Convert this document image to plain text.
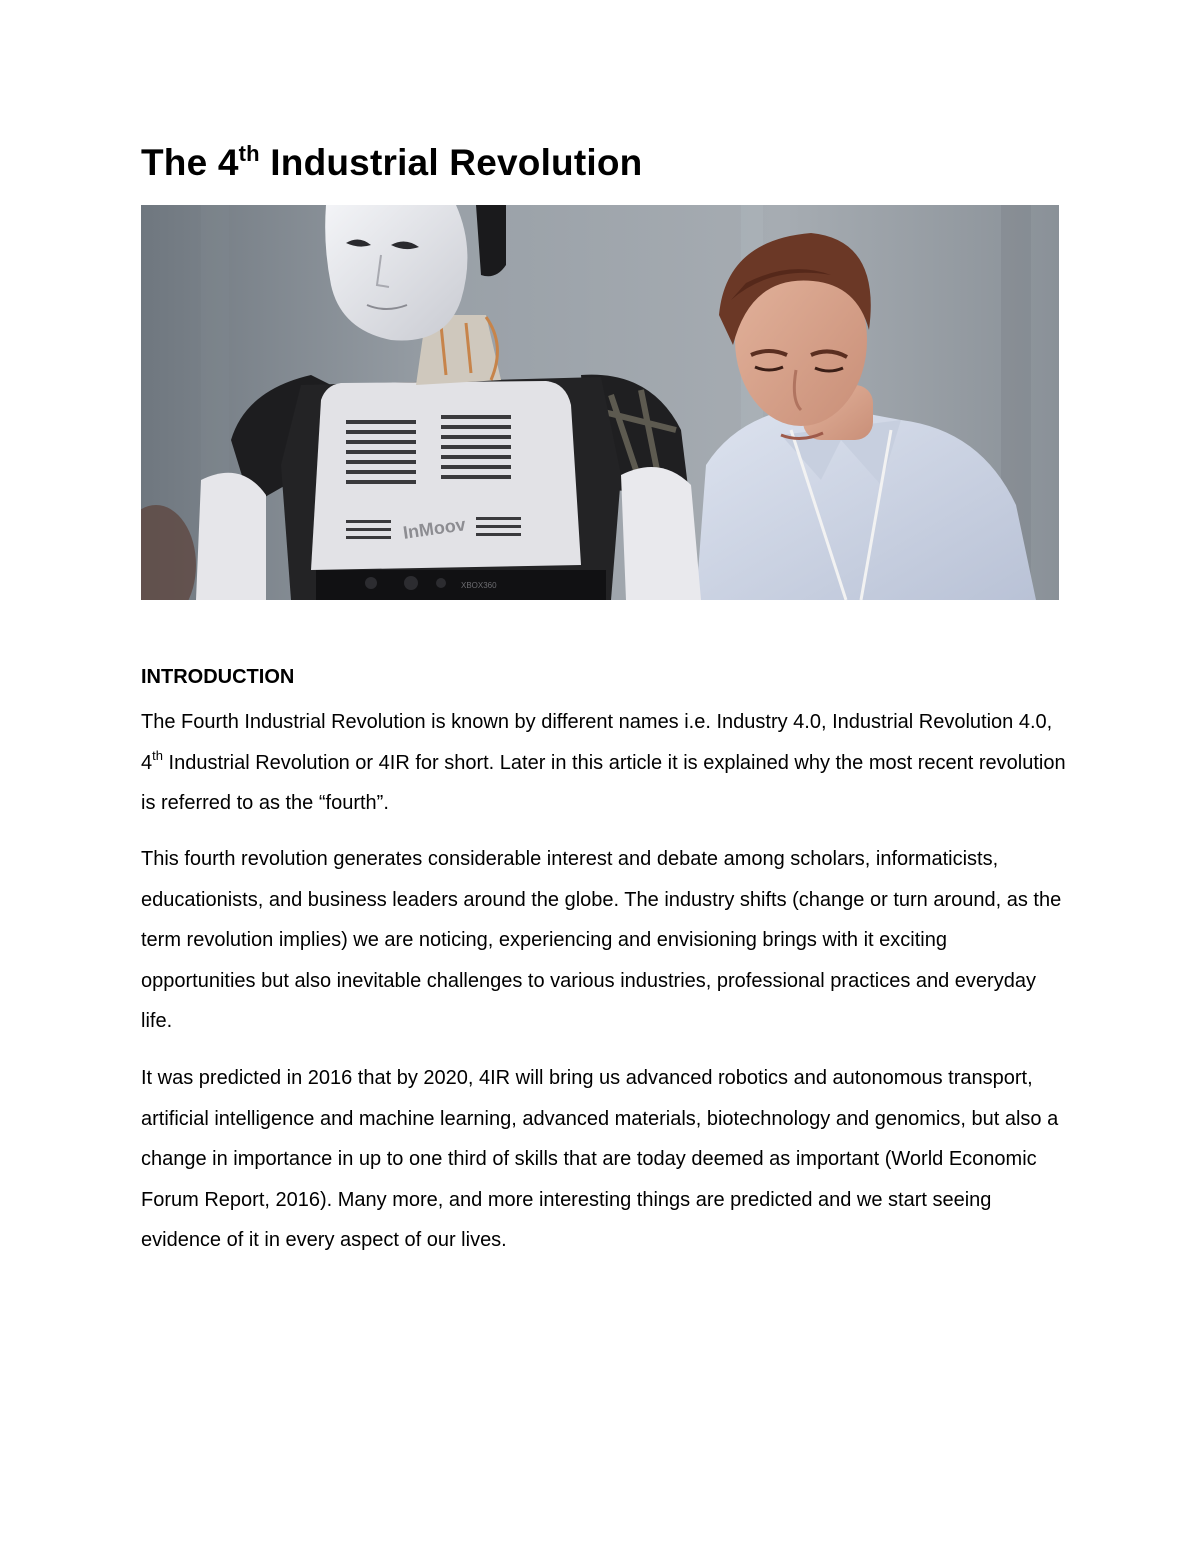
The 4th Industrial Revolution
InMoov
XBOX360
INTRODUCTION

The Fourth Industrial Revolution is known by different names i.e. Industry 4.0, Industrial Revolution 4.0, 4th Industrial Revolution or 4IR for short. Later in this article it is explained why the most recent revolution is referred to as the “fourth”.

This fourth revolution generates considerable interest and debate among scholars, informaticists, educationists, and business leaders around the globe. The industry shifts (change or turn around, as the term revolution implies) we are noticing, experiencing and envisioning brings with it exciting opportunities but also inevitable challenges to various industries, professional practices and everyday life.

It was predicted in 2016 that by 2020, 4IR will bring us advanced robotics and autonomous transport, artificial intelligence and machine learning, advanced materials, biotechnology and genomics, but also a change in importance in up to one third of skills that are today deemed as important (World Economic Forum Report, 2016). Many more, and more interesting things are predicted and we start seeing evidence of it in every aspect of our lives.
